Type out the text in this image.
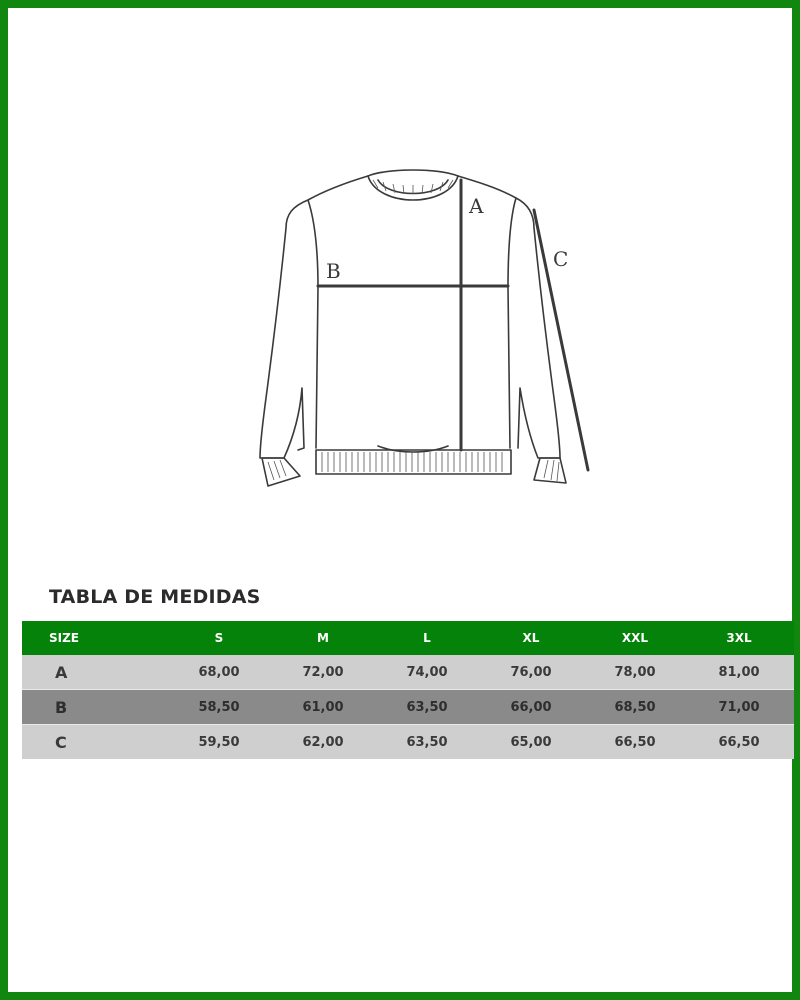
A
B	C
TABLA DE MEDIDAS
SIZE	S	M	L	XL	XXL	3XL
A	68,00	72,00	74,00	76,00	78,00	81,00
B	58,50	61,00	63,50	66,00	68,50	71,00
C	59,50	62,00	63,50	65,00	66,50	66,50
